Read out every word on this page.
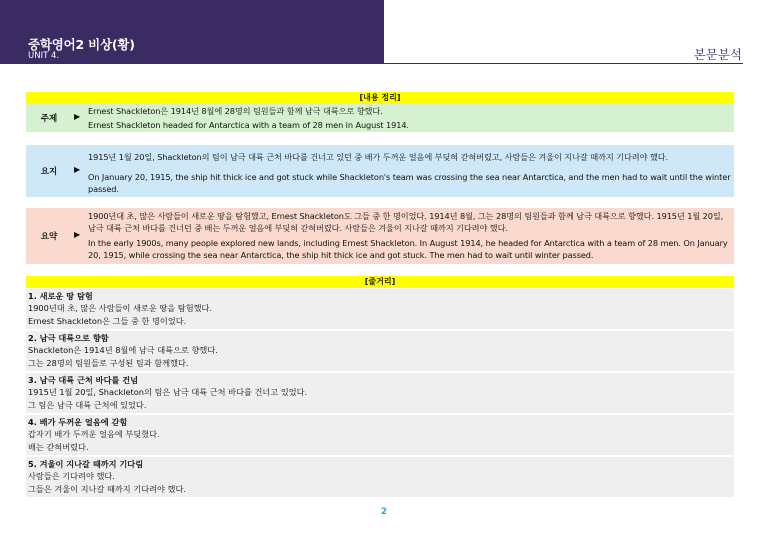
중학영어2 비상(황)
UNIT 4.	본문분석
[내용 정리]
주제	▶
Ernest Shackleton은 1914년 8월에 28명의 팀원들과 함께 남극 대륙으로 향했다.
Ernest Shackleton headed for Antarctica with a team of 28 men in August 1914.
요지	▶
1915년 1월 20일, Shackleton의 팀이 남극 대륙 근처 바다를 건너고 있던 중 배가 두꺼운 얼음에 부딪혀 갇혀버렸고, 사람들은 겨울이 지나갈 때까지 기다려야 했다.
On January 20, 1915, the ship hit thick ice and got stuck while Shackleton's team was crossing the sea near Antarctica, and the men had to wait until the winter passed.
요약	▶
1900년대 초, 많은 사람들이 새로운 땅을 탐험했고, Ernest Shackleton도 그들 중 한 명이었다. 1914년 8월, 그는 28명의 팀원들과 함께 남극 대륙으로 향했다. 1915년 1월 20일, 남극 대륙 근처 바다를 건너던 중 배는 두꺼운 얼음에 부딪혀 갇혀버렸다. 사람들은 겨울이 지나갈 때까지 기다려야 했다.
In the early 1900s, many people explored new lands, including Ernest Shackleton. In August 1914, he headed for Antarctica with a team of 28 men. On January 20, 1915, while crossing the sea near Antarctica, the ship hit thick ice and got stuck. The men had to wait until winter passed.
[줄거리]
1. 새로운 땅 탐험
1900년대 초, 많은 사람들이 새로운 땅을 탐험했다.
Ernest Shackleton은 그들 중 한 명이었다.
2. 남극 대륙으로 향함
Shackleton은 1914년 8월에 남극 대륙으로 향했다.
그는 28명의 팀원들로 구성된 팀과 함께했다.
3. 남극 대륙 근처 바다를 건넘
1915년 1월 20일, Shackleton의 팀은 남극 대륙 근처 바다를 건너고 있었다.
그 팀은 남극 대륙 근처에 있었다.
4. 배가 두꺼운 얼음에 갇힘
갑자기 배가 두꺼운 얼음에 부딪혔다.
배는 갇혀버렸다.
5. 겨울이 지나갈 때까지 기다림
사람들은 기다려야 했다.
그들은 겨울이 지나갈 때까지 기다려야 했다.
2
